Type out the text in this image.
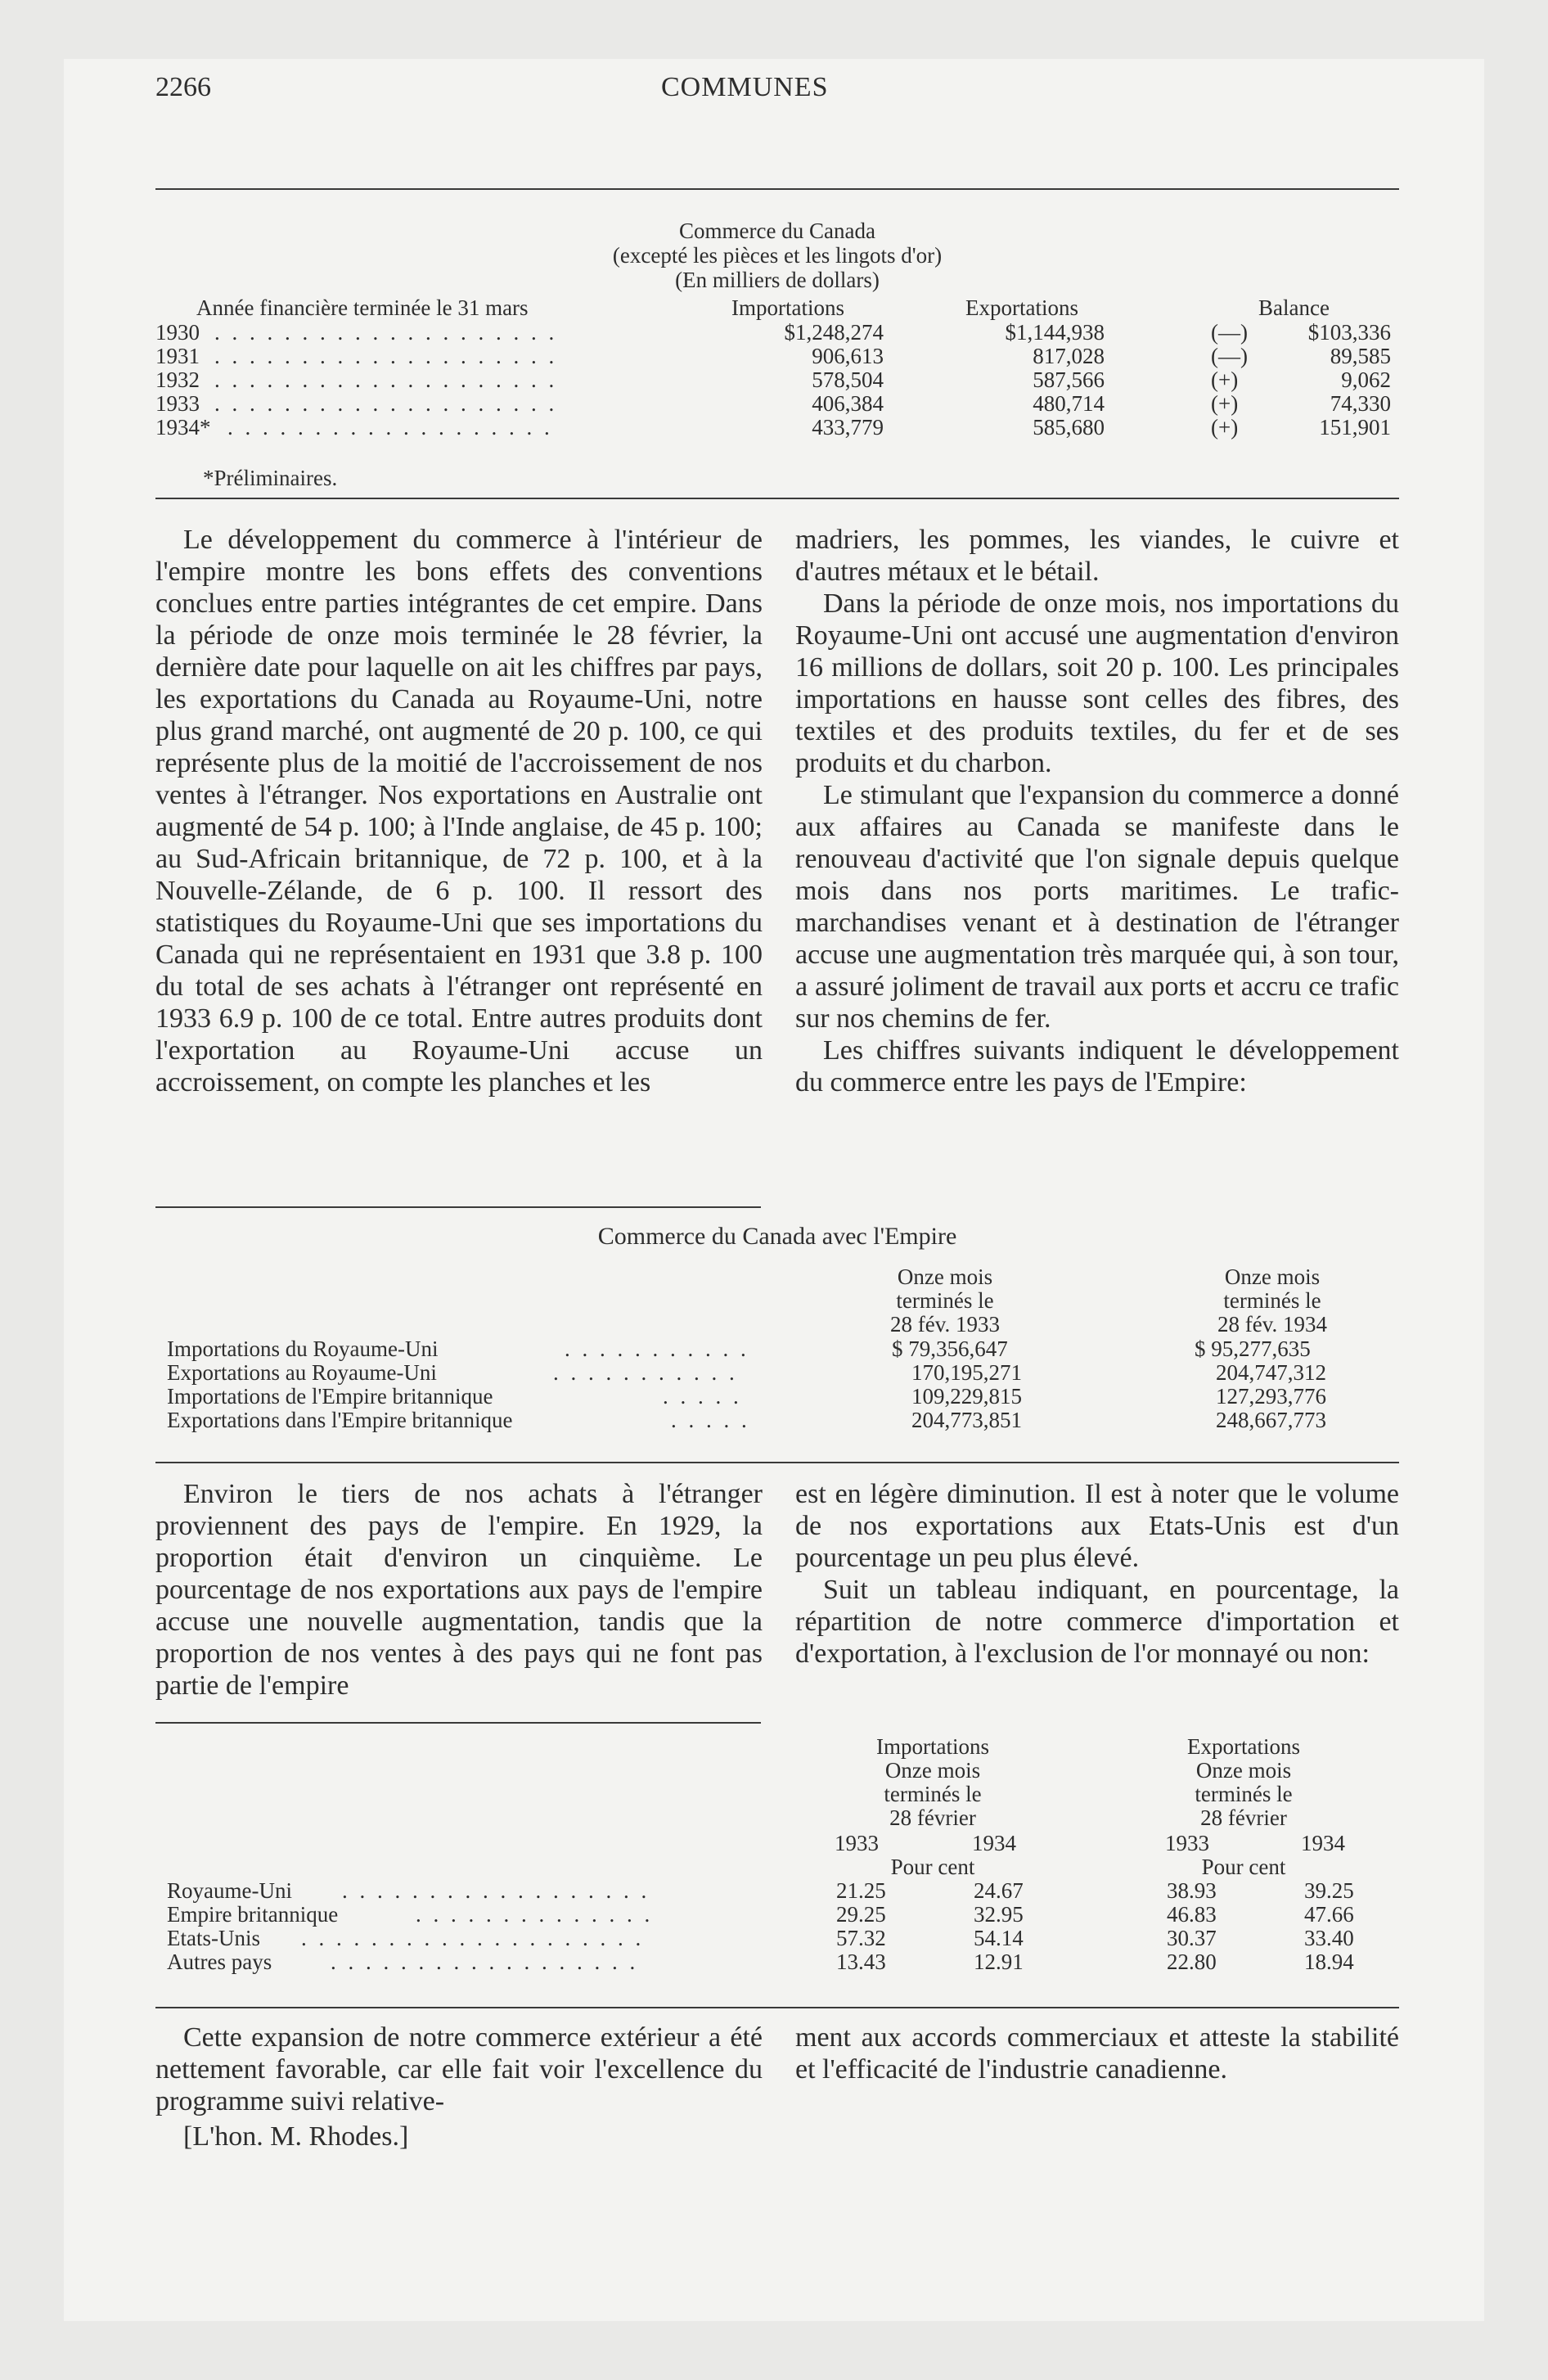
2266	COMMUNES
Commerce du Canada
(excepté les pièces et les lingots d'or)
(En milliers de dollars)
Année financière terminée le 31 mars	Importations	Exportations	Balance
1930 . . . . . . . . . . . . . . . . . . . .	$1,248,274	$1,144,938	(—)	$103,336
1931 . . . . . . . . . . . . . . . . . . . .	906,613	817,028	(—)	89,585
1932 . . . . . . . . . . . . . . . . . . . .	578,504	587,566	(+)	9,062
1933 . . . . . . . . . . . . . . . . . . . .	406,384	480,714	(+)	74,330
1934* . . . . . . . . . . . . . . . . . . .	433,779	585,680	(+)	151,901
*Préliminaires.

Le développement du commerce à l'intérieur de l'empire montre les bons effets des conventions conclues entre parties intégrantes de cet empire. Dans la période de onze mois terminée le 28 février, la dernière date pour laquelle on ait les chiffres par pays, les exportations du Canada au Royaume-Uni, notre plus grand marché, ont augmenté de 20 p. 100, ce qui représente plus de la moitié de l'accroissement de nos ventes à l'étranger. Nos exportations en Australie ont augmenté de 54 p. 100; à l'Inde anglaise, de 45 p. 100; au Sud-Africain britannique, de 72 p. 100, et à la Nouvelle-Zélande, de 6 p. 100. Il ressort des statistiques du Royaume-Uni que ses importations du Canada qui ne représentaient en 1931 que 3.8 p. 100 du total de ses achats à l'étranger ont représenté en 1933 6.9 p. 100 de ce total. Entre autres produits dont l'exportation au Royaume-Uni accuse un accroissement, on compte les planches et les

madriers, les pommes, les viandes, le cuivre et d'autres métaux et le bétail.

Dans la période de onze mois, nos importations du Royaume-Uni ont accusé une augmentation d'environ 16 millions de dollars, soit 20 p. 100. Les principales importations en hausse sont celles des fibres, des textiles et des produits textiles, du fer et de ses produits et du charbon.

Le stimulant que l'expansion du commerce a donné aux affaires au Canada se manifeste dans le renouveau d'activité que l'on signale depuis quelque mois dans nos ports maritimes. Le trafic-marchandises venant et à destination de l'étranger accuse une augmentation très marquée qui, à son tour, a assuré joliment de travail aux ports et accru ce trafic sur nos chemins de fer.

Les chiffres suivants indiquent le développement du commerce entre les pays de l'Empire:

Commerce du Canada avec l'Empire
Onze mois
terminés le
28 fév. 1933
Onze mois
terminés le
28 fév. 1934
Importations du Royaume-Uni	. . . . . . . . . . .	$ 79,356,647	$ 95,277,635
Exportations au Royaume-Uni	. . . . . . . . . . .	170,195,271	204,747,312
Importations de l'Empire britannique	. . . . .	109,229,815	127,293,776
Exportations dans l'Empire britannique	. . . . .	204,773,851	248,667,773

Environ le tiers de nos achats à l'étranger proviennent des pays de l'empire. En 1929, la proportion était d'environ un cinquième. Le pourcentage de nos exportations aux pays de l'empire accuse une nouvelle augmentation, tandis que la proportion de nos ventes à des pays qui ne font pas partie de l'empire

est en légère diminution. Il est à noter que le volume de nos exportations aux Etats-Unis est d'un pourcentage un peu plus élevé.

Suit un tableau indiquant, en pourcentage, la répartition de notre commerce d'importation et d'exportation, à l'exclusion de l'or monnayé ou non:

Importations
Onze mois
terminés le
28 février
Exportations
Onze mois
terminés le
28 février
1933	1934	1933	1934
Pour cent	Pour cent
Royaume-Uni . . . . . . . . . . . . . . . . . .	21.25	24.67	38.93	39.25
Empire britannique	. . . . . . . . . . . . . .	29.25	32.95	46.83	47.66
Etats-Unis . . . . . . . . . . . . . . . . . . . .	57.32	54.14	30.37	33.40
Autres pays	. . . . . . . . . . . . . . . . . .	13.43	12.91	22.80	18.94

Cette expansion de notre commerce extérieur a été nettement favorable, car elle fait voir l'excellence du programme suivi relative-

[L'hon. M. Rhodes.]

ment aux accords commerciaux et atteste la stabilité et l'efficacité de l'industrie canadienne.
